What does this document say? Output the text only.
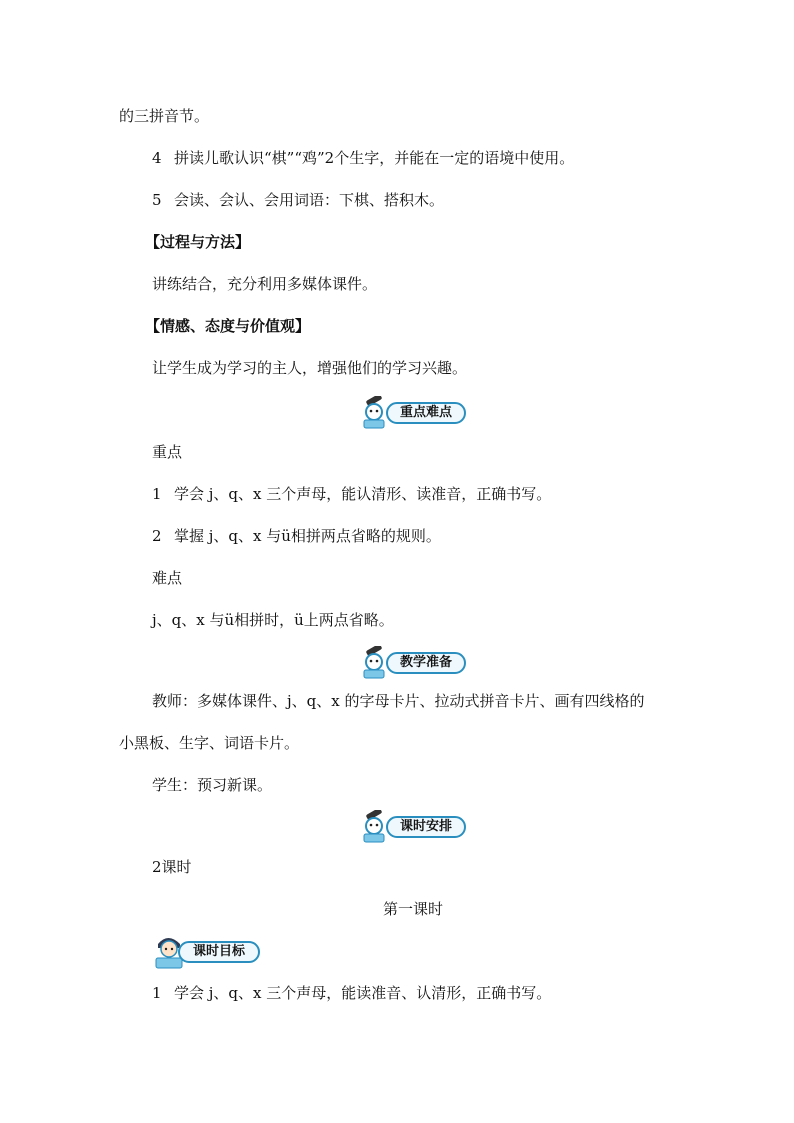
的三拼音节。
4 拼读儿歌认识“棋”“鸡”2个生字，并能在一定的语境中使用。
5 会读、会认、会用词语：下棋、搭积木。
【过程与方法】
讲练结合，充分利用多媒体课件。
【情感、态度与价值观】
让学生成为学习的主人，增强他们的学习兴趣。
重点难点
重点
1 学会 j、q、x 三个声母，能认清形、读准音，正确书写。
2 掌握 j、q、x 与ü相拼两点省略的规则。
难点
j、q、x 与ü相拼时，ü上两点省略。
教学准备
教师：多媒体课件、j、q、x 的字母卡片、拉动式拼音卡片、画有四线格的
小黑板、生字、词语卡片。
学生：预习新课。
课时安排
2课时
第一课时
课时目标
1 学会 j、q、x 三个声母，能读准音、认清形，正确书写。
